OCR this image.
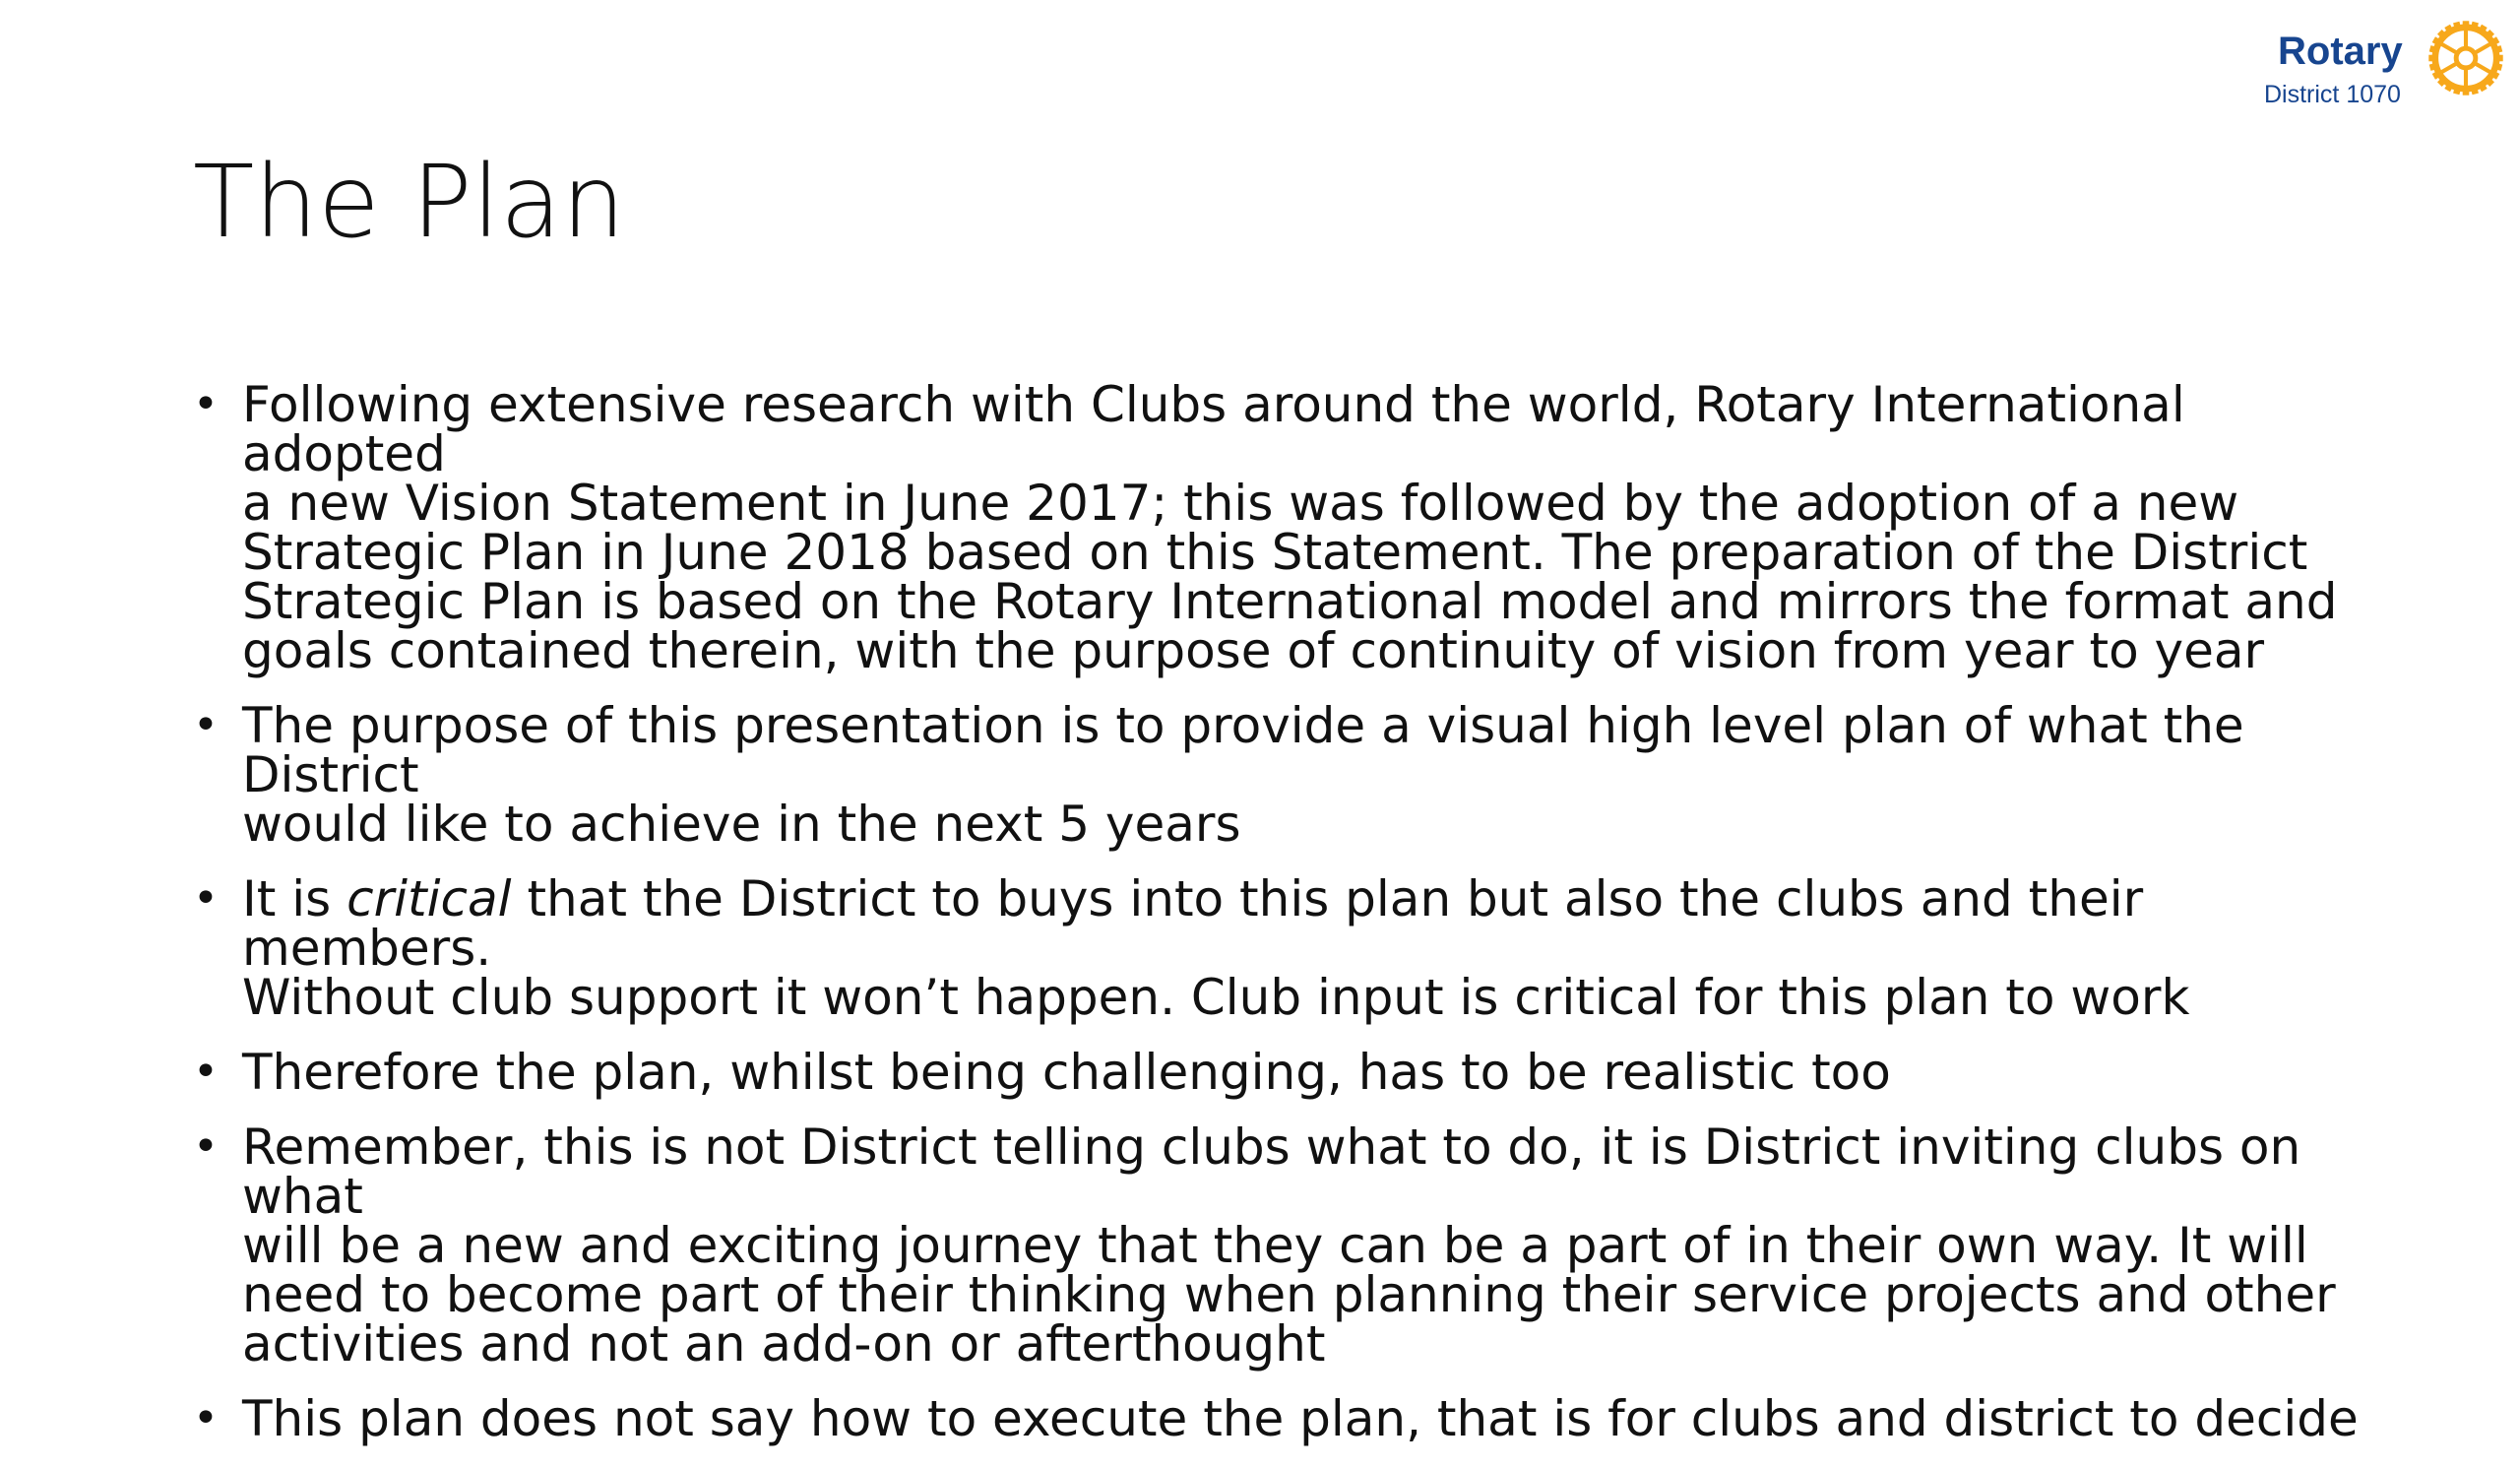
Rotary
District 1070
The Plan
• Following extensive research with Clubs around the world, Rotary International adopted
a new Vision Statement in June 2017; this was followed by the adoption of a new
Strategic Plan in June 2018 based on this Statement. The preparation of the District
Strategic Plan is based on the Rotary International model and mirrors the format and
goals contained therein, with the purpose of continuity of vision from year to year
• The purpose of this presentation is to provide a visual high level plan of what the District
would like to achieve in the next 5 years
• It is critical that the District to buys into this plan but also the clubs and their members.
Without club support it won’t happen. Club input is critical for this plan to work
• Therefore the plan, whilst being challenging, has to be realistic too
• Remember, this is not District telling clubs what to do, it is District inviting clubs on what
will be a new and exciting journey that they can be a part of in their own way. It will
need to become part of their thinking when planning their service projects and other
activities and not an add-on or afterthought
• This plan does not say how to execute the plan, that is for clubs and district to decide
